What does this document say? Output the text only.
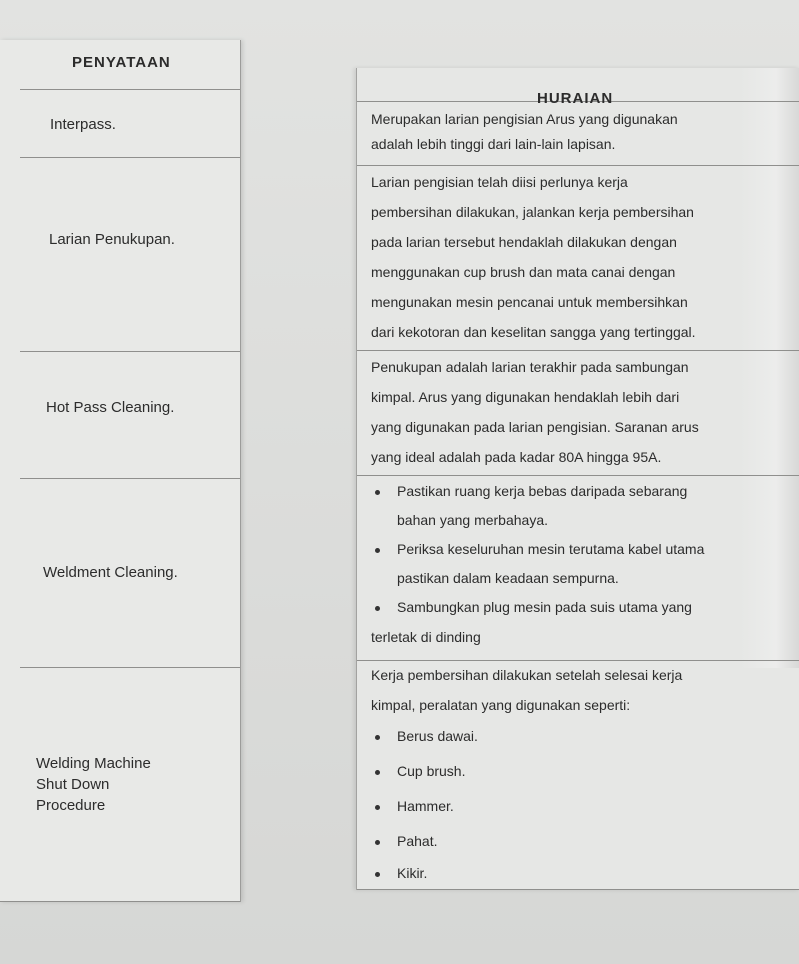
PENYATAAN
Interpass.
Larian Penukupan.
Hot Pass Cleaning.
Weldment Cleaning.
Welding Machine
Shut Down
Procedure
HURAIAN
Merupakan larian pengisian Arus yang digunakan
adalah lebih tinggi dari lain-lain lapisan.
Larian pengisian telah diisi perlunya kerja
pembersihan dilakukan, jalankan kerja pembersihan
pada larian tersebut hendaklah dilakukan dengan
menggunakan cup brush dan mata canai dengan
mengunakan mesin pencanai untuk membersihkan
dari kekotoran dan keselitan sangga yang tertinggal.
Penukupan adalah larian terakhir pada sambungan
kimpal. Arus yang digunakan hendaklah lebih dari
yang digunakan pada larian pengisian. Saranan arus
yang ideal adalah pada kadar 80A hingga 95A.
Pastikan ruang kerja bebas daripada sebarang
bahan yang merbahaya.
Periksa keseluruhan mesin terutama kabel utama
pastikan dalam keadaan sempurna.
Sambungkan plug mesin pada suis utama yang
terletak di dinding
Kerja pembersihan dilakukan setelah selesai kerja
kimpal, peralatan yang digunakan seperti:
Berus dawai.
Cup brush.
Hammer.
Pahat.
Kikir.
